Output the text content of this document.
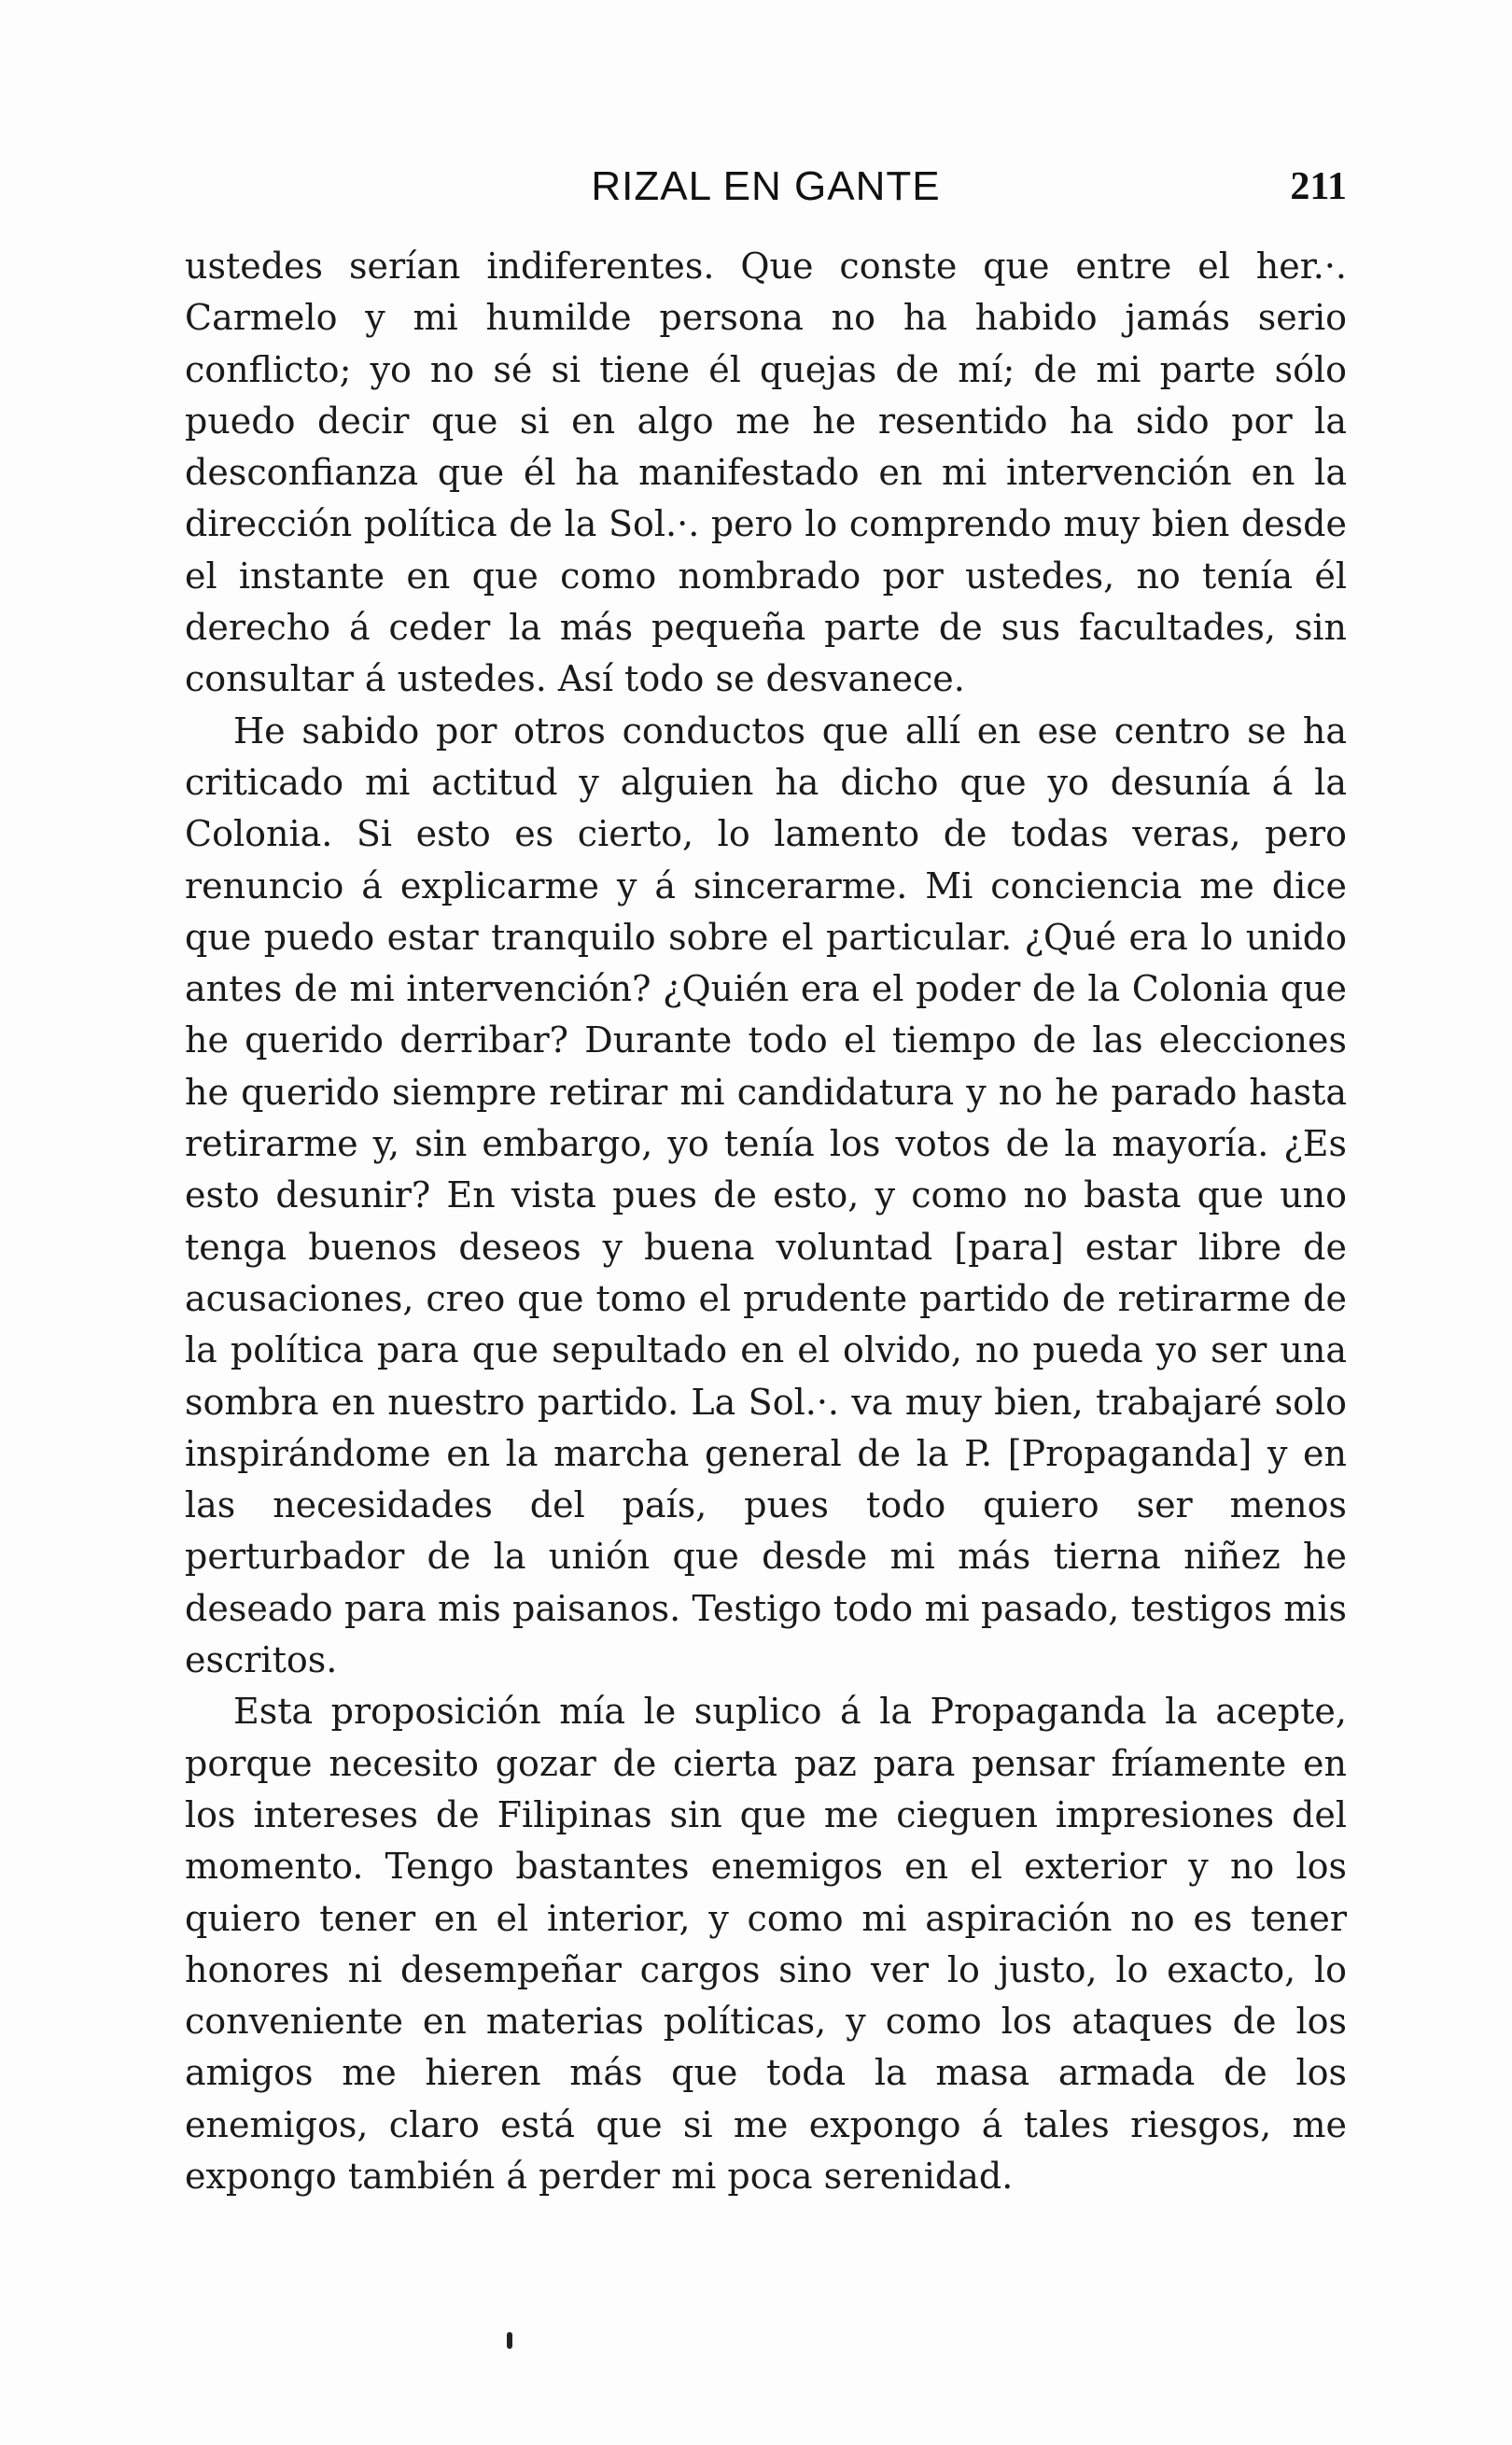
RIZAL EN GANTE	211

ustedes serían indiferentes. Que conste que entre el her.·. Carmelo y mi humilde persona no ha habido jamás serio conflicto; yo no sé si tiene él quejas de mí; de mi parte sólo puedo decir que si en algo me he resentido ha sido por la desconfianza que él ha manifestado en mi intervención en la dirección política de la Sol.·. pero lo comprendo muy bien desde el instante en que como nombrado por ustedes, no tenía él derecho á ceder la más pequeña parte de sus facultades, sin consultar á ustedes. Así todo se desvanece.

He sabido por otros conductos que allí en ese centro se ha criticado mi actitud y alguien ha dicho que yo desunía á la Colonia. Si esto es cierto, lo lamento de todas veras, pero renuncio á explicarme y á sincerarme. Mi conciencia me dice que puedo estar tranquilo sobre el particular. ¿Qué era lo unido antes de mi intervención? ¿Quién era el poder de la Colonia que he querido derribar? Durante todo el tiempo de las elecciones he querido siempre retirar mi candidatura y no he parado hasta retirarme y, sin embargo, yo tenía los votos de la mayoría. ¿Es esto desunir? En vista pues de esto, y como no basta que uno tenga buenos deseos y buena voluntad [para] estar libre de acusaciones, creo que tomo el prudente partido de retirarme de la política para que sepultado en el olvido, no pueda yo ser una sombra en nuestro partido. La Sol.·. va muy bien, trabajaré solo inspirándome en la marcha general de la P. [Propaganda] y en las necesidades del país, pues todo quiero ser menos perturbador de la unión que desde mi más tierna niñez he deseado para mis paisanos. Testigo todo mi pasado, testigos mis escritos.

Esta proposición mía le suplico á la Propaganda la acepte, porque necesito gozar de cierta paz para pensar fríamente en los intereses de Filipinas sin que me cieguen impresiones del momento. Tengo bastantes enemigos en el exterior y no los quiero tener en el interior, y como mi aspiración no es tener honores ni desempeñar cargos sino ver lo justo, lo exacto, lo conveniente en materias políticas, y como los ataques de los amigos me hieren más que toda la masa armada de los enemigos, claro está que si me expongo á tales riesgos, me expongo también á perder mi poca serenidad.
